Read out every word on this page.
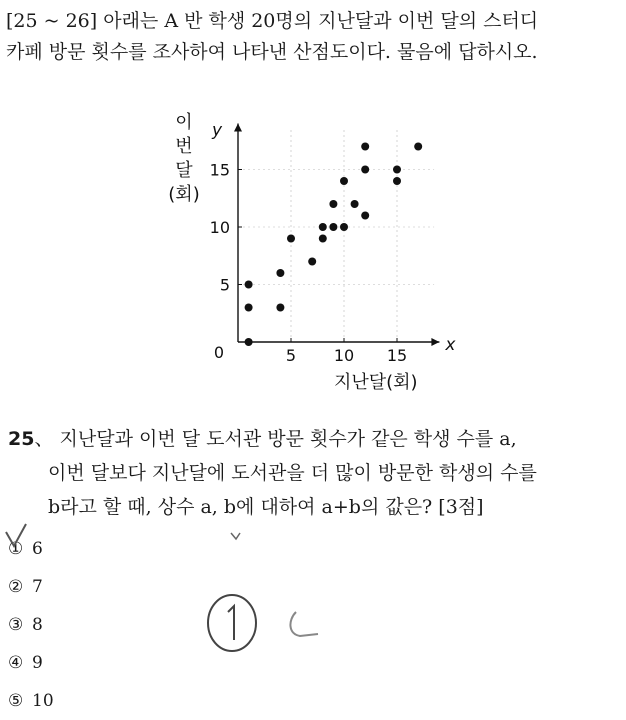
[25 ~ 26] 아래는 A 반 학생 20명의 지난달과 이번 달의 스터디
카페 방문 횟수를 조사하여 나타낸 산점도이다. 물음에 답하시오.
5 10 15
5
10
15
0	x
y
지난달(회)
이
번
달
(회)
25、 지난달과 이번 달 도서관 방문 횟수가 같은 학생 수를 a,
이번 달보다 지난달에 도서관을 더 많이 방문한 학생의 수를
b라고 할 때, 상수 a, b에 대하여 a+b의 값은? [3점]
① 6
② 7
③ 8
④ 9
⑤ 10
